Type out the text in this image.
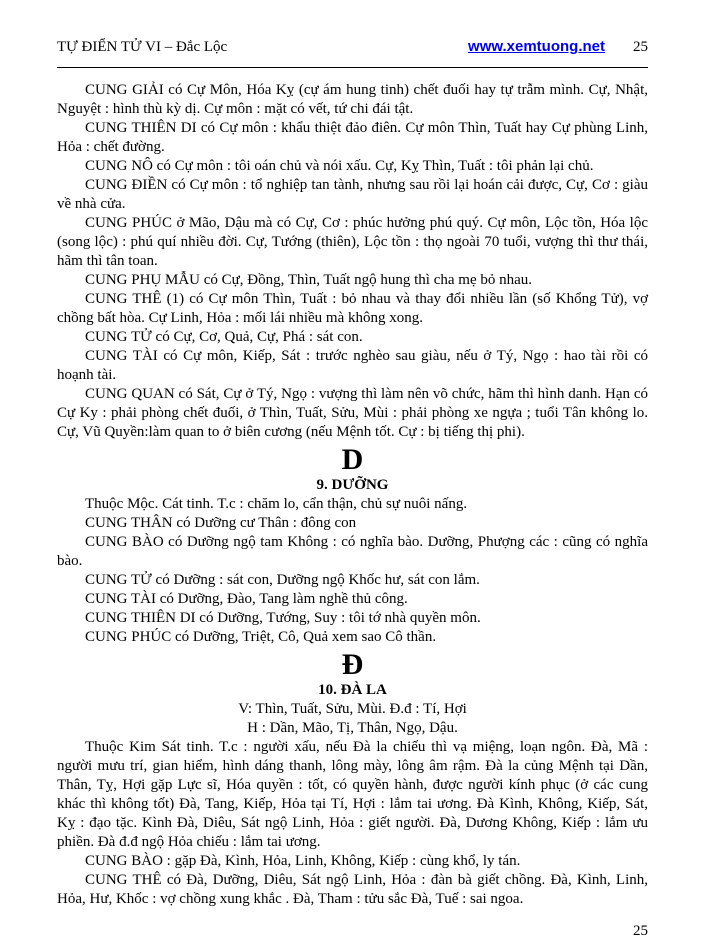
TỰ ĐIỂN TỬ VI – Đắc Lộc	www.xemtuong.net 25

CUNG GIẢI có Cự Môn, Hóa Kỵ (cự ám hung tinh) chết đuối hay tự trẫm mình. Cự, Nhật, Nguyệt : hình thù kỳ dị. Cự môn : mặt có vết, tứ chi đái tật.

CUNG THIÊN DI có Cự môn : khẩu thiệt đảo điên. Cự môn Thìn, Tuất hay Cự phùng Linh, Hỏa : chết đường.

CUNG NÔ có Cự môn : tôi oán chủ và nói xấu. Cự, Kỵ Thìn, Tuất : tôi phản lại chủ.

CUNG ĐIỀN có Cự môn : tổ nghiệp tan tành, nhưng sau rồi lại hoán cải được, Cự, Cơ : giàu về nhà cửa.

CUNG PHÚC ở Mão, Dậu mà có Cự, Cơ : phúc hưởng phú quý. Cự môn, Lộc tồn, Hóa lộc (song lộc) : phú quí nhiều đời. Cự, Tướng (thiên), Lộc tồn : thọ ngoài 70 tuổi, vượng thì thư thái, hãm thì tân toan.

CUNG PHỤ MẪU có Cự, Đồng, Thìn, Tuất ngộ hung thì cha mẹ bỏ nhau.

CUNG THÊ (1) có Cự môn Thìn, Tuất : bỏ nhau và thay đổi nhiều lần (số Khổng Tử), vợ chồng bất hòa. Cự Linh, Hỏa : mối lái nhiều mà không xong.

CUNG TỬ có Cự, Cơ, Quả, Cự, Phá : sát con.

CUNG TÀI có Cự môn, Kiếp, Sát : trước nghèo sau giàu, nếu ở Tý, Ngọ : hao tài rồi có hoạnh tài.

CUNG QUAN có Sát, Cự ở Tý, Ngọ : vượng thì làm nên võ chức, hãm thì hình danh. Hạn có Cự Ky : phải phòng chết đuối, ở Thìn, Tuất, Sửu, Mùi : phải phòng xe ngựa ; tuổi Tân không lo. Cự, Vũ Quyền:làm quan to ở biên cương (nếu Mệnh tốt. Cự : bị tiếng thị phi).

D
9. DƯỠNG

Thuộc Mộc. Cát tinh. T.c : chăm lo, cẩn thận, chủ sự nuôi nấng.

CUNG THÂN có Dưỡng cư Thân : đông con

CUNG BÀO có Dưỡng ngộ tam Không : có nghĩa bào. Dưỡng, Phượng các : cũng có nghĩa bào.

CUNG TỬ có Dưỡng : sát con, Dưỡng ngộ Khốc hư, sát con lắm.

CUNG TÀI có Dưỡng, Đào, Tang làm nghề thủ công.

CUNG THIÊN DI có Dưỡng, Tướng, Suy : tôi tớ nhà quyền môn.

CUNG PHÚC có Dưỡng, Triệt, Cô, Quả xem sao Cô thần.

Đ
10. ĐÀ LA

V: Thìn, Tuất, Sửu, Mùi. Đ.đ : Tí, Hợi

H : Dần, Mão, Tị, Thân, Ngọ, Dậu.

Thuộc Kim Sát tinh. T.c : người xấu, nếu Đà la chiếu thì vạ miệng, loạn ngôn. Đà, Mã : người mưu trí, gian hiểm, hình dáng thanh, lông mày, lông âm rậm. Đà la củng Mệnh tại Dần, Thân, Tỵ, Hợi gặp Lực sĩ, Hóa quyền : tốt, có quyền hành, được người kính phục (ở các cung khác thì không tốt) Đà, Tang, Kiếp, Hỏa tại Tí, Hợi : lắm tai ương. Đà Kình, Không, Kiếp, Sát, Kỵ : đạo tặc. Kình Đà, Diêu, Sát ngộ Linh, Hỏa : giết người. Đà, Dương Không, Kiếp : lắm ưu phiền. Đà đ.đ ngộ Hỏa chiếu : lắm tai ương.

CUNG BÀO : gặp Đà, Kình, Hỏa, Linh, Không, Kiếp : cùng khổ, ly tán.

CUNG THÊ có Đà, Dưỡng, Diêu, Sát ngộ Linh, Hỏa : đàn bà giết chồng. Đà, Kình, Linh, Hỏa, Hư, Khốc : vợ chồng xung khắc . Đà, Tham : tửu sắc Đà, Tuế : sai ngoa.

25
